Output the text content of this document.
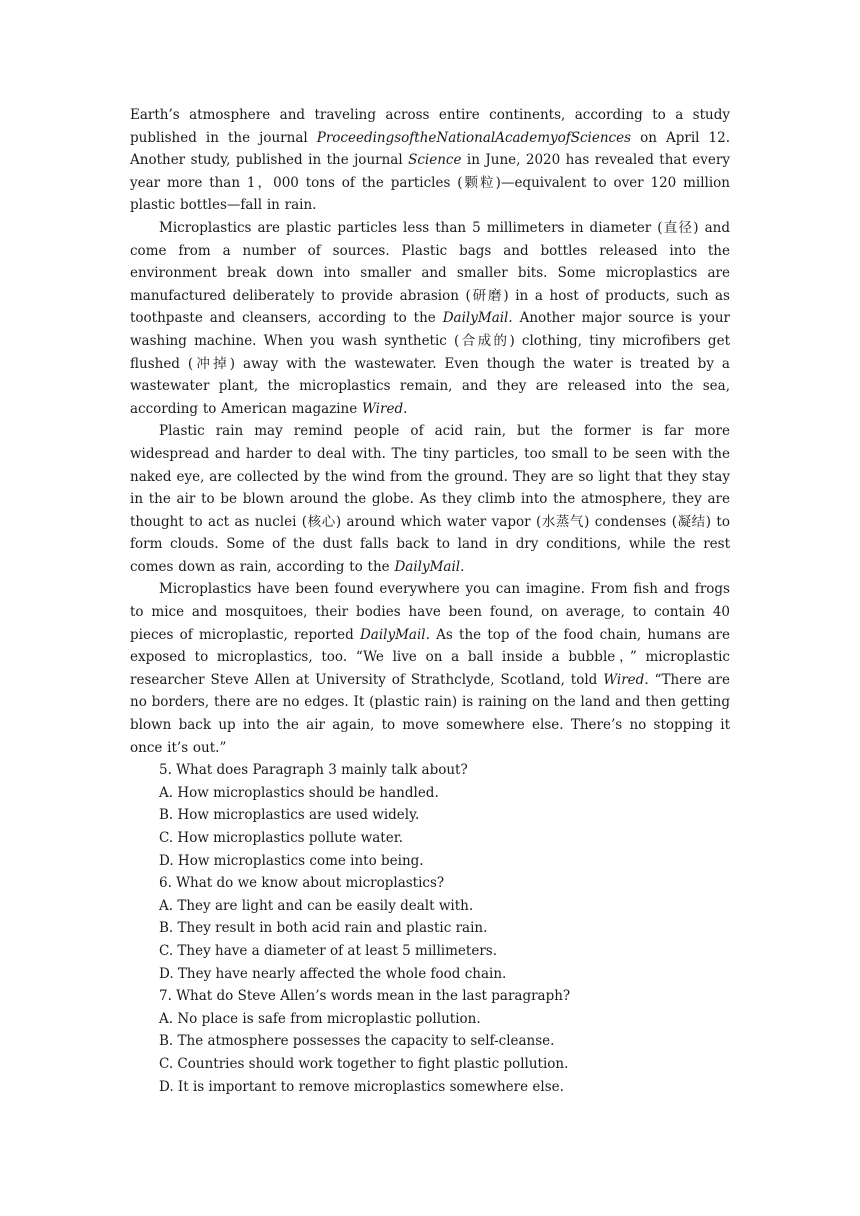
Earth’s atmosphere and traveling across entire continents, according to a study published in the journal ProceedingsoftheNationalAcademyofSciences on April 12. Another study, published in the journal Science in June, 2020 has revealed that every year more than 1，000 tons of the particles (颗粒)—equivalent to over 120 million plastic bottles—fall in rain.

Microplastics are plastic particles less than 5 millimeters in diameter (直径) and come from a number of sources. Plastic bags and bottles released into the environment break down into smaller and smaller bits. Some microplastics are manufactured deliberately to provide abrasion (研磨) in a host of products, such as toothpaste and cleansers, according to the DailyMail. Another major source is your washing machine. When you wash synthetic (合成的) clothing, tiny microfibers get flushed (冲掉) away with the wastewater. Even though the water is treated by a wastewater plant, the microplastics remain, and they are released into the sea, according to American magazine Wired.

Plastic rain may remind people of acid rain, but the former is far more widespread and harder to deal with. The tiny particles, too small to be seen with the naked eye, are collected by the wind from the ground. They are so light that they stay in the air to be blown around the globe. As they climb into the atmosphere, they are thought to act as nuclei (核心) around which water vapor (水蒸气) condenses (凝结) to form clouds. Some of the dust falls back to land in dry conditions, while the rest comes down as rain, according to the DailyMail.

Microplastics have been found everywhere you can imagine. From fish and frogs to mice and mosquitoes, their bodies have been found, on average, to contain 40 pieces of microplastic, reported DailyMail. As the top of the food chain, humans are exposed to microplastics, too. “We live on a ball inside a bubble，” microplastic researcher Steve Allen at University of Strathclyde, Scotland, told Wired. “There are no borders, there are no edges. It (plastic rain) is raining on the land and then getting blown back up into the air again, to move somewhere else. There’s no stopping it once it’s out.”

5. What does Paragraph 3 mainly talk about?

A. How microplastics should be handled.

B. How microplastics are used widely.

C. How microplastics pollute water.

D. How microplastics come into being.

6. What do we know about microplastics?

A. They are light and can be easily dealt with.

B. They result in both acid rain and plastic rain.

C. They have a diameter of at least 5 millimeters.

D. They have nearly affected the whole food chain.

7. What do Steve Allen’s words mean in the last paragraph?

A. No place is safe from microplastic pollution.

B. The atmosphere possesses the capacity to self-cleanse.

C. Countries should work together to fight plastic pollution.

D. It is important to remove microplastics somewhere else.
